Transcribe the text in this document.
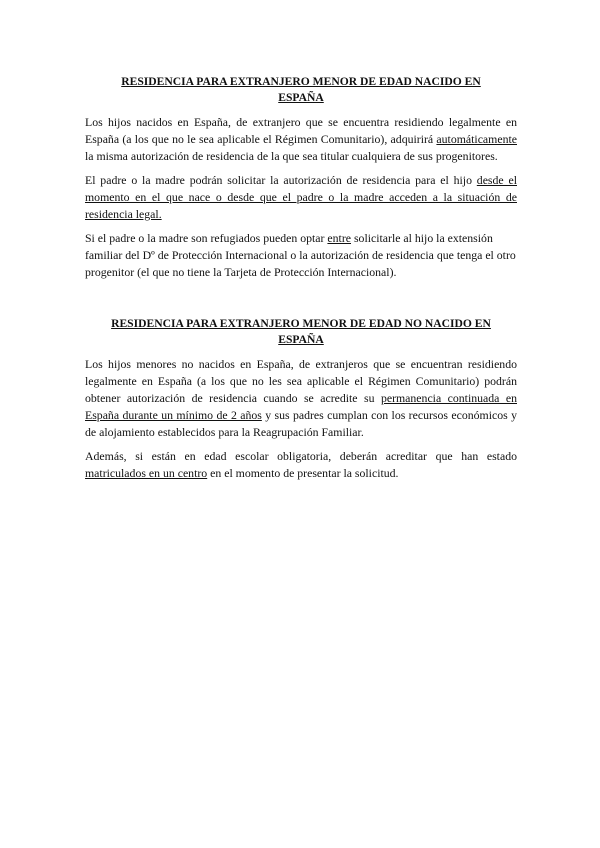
RESIDENCIA PARA EXTRANJERO MENOR DE EDAD NACIDO EN ESPAÑA

Los hijos nacidos en España, de extranjero que se encuentra residiendo legalmente en España (a los que no le sea aplicable el Régimen Comunitario), adquirirá automáticamente la misma autorización de residencia de la que sea titular cualquiera de sus progenitores.

El padre o la madre podrán solicitar la autorización de residencia para el hijo desde el momento en el que nace o desde que el padre o la madre acceden a la situación de residencia legal.

Si el padre o la madre son refugiados pueden optar entre solicitarle al hijo la extensión familiar del Dº de Protección Internacional o la autorización de residencia que tenga el otro progenitor (el que no tiene la Tarjeta de Protección Internacional).

RESIDENCIA PARA EXTRANJERO MENOR DE EDAD NO NACIDO EN ESPAÑA

Los hijos menores no nacidos en España, de extranjeros que se encuentran residiendo legalmente en España (a los que no les sea aplicable el Régimen Comunitario) podrán obtener autorización de residencia cuando se acredite su permanencia continuada en España durante un mínimo de 2 años y sus padres cumplan con los recursos económicos y de alojamiento establecidos para la Reagrupación Familiar.

Además, si están en edad escolar obligatoria, deberán acreditar que han estado matriculados en un centro en el momento de presentar la solicitud.
